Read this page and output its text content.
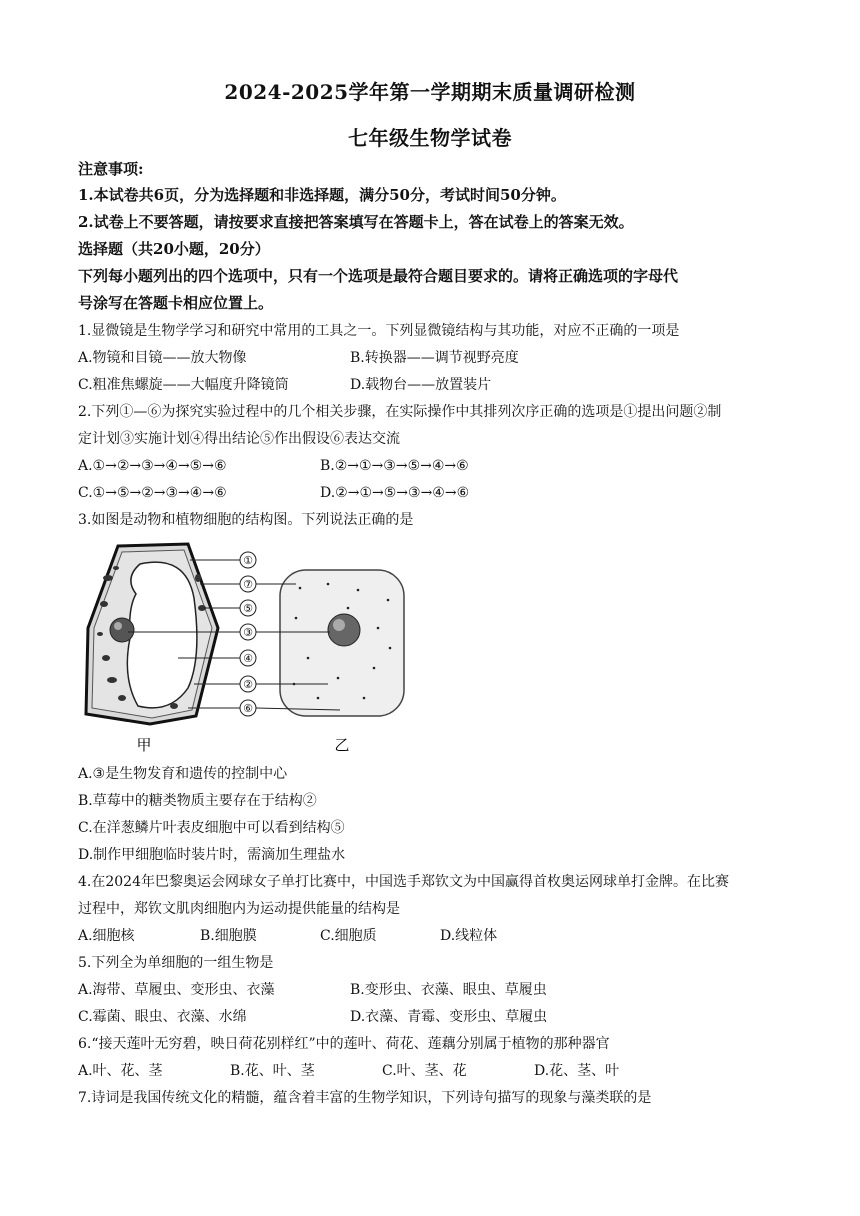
2024-2025学年第一学期期末质量调研检测
七年级生物学试卷
注意事项:
1.本试卷共6页，分为选择题和非选择题，满分50分，考试时间50分钟。
2.试卷上不要答题，请按要求直接把答案填写在答题卡上，答在试卷上的答案无效。
选择题（共20小题，20分）
下列每小题列出的四个选项中，只有一个选项是最符合题目要求的。请将正确选项的字母代
号涂写在答题卡相应位置上。
1.显微镜是生物学学习和研究中常用的工具之一。下列显微镜结构与其功能，对应不正确的一项是
A.物镜和目镜——放大物像	B.转换器——调节视野亮度
C.粗准焦螺旋——大幅度升降镜筒	D.载物台——放置装片
2.下列①—⑥为探究实验过程中的几个相关步骤，在实际操作中其排列次序正确的选项是①提出问题②制
定计划③实施计划④得出结论⑤作出假设⑥表达交流
A.①→②→③→④→⑤→⑥	B.②→①→③→⑤→④→⑥
C.①→⑤→②→③→④→⑥	D.②→①→⑤→③→④→⑥
3.如图是动物和植物细胞的结构图。下列说法正确的是
①
⑦
⑤
③
④
②
⑥
甲	乙
A.③是生物发育和遗传的控制中心
B.草莓中的糖类物质主要存在于结构②
C.在洋葱鳞片叶表皮细胞中可以看到结构⑤
D.制作甲细胞临时装片时，需滴加生理盐水
4.在2024年巴黎奥运会网球女子单打比赛中，中国选手郑钦文为中国赢得首枚奥运网球单打金牌。在比赛
过程中，郑钦文肌肉细胞内为运动提供能量的结构是
A.细胞核	B.细胞膜	C.细胞质	D.线粒体
5.下列全为单细胞的一组生物是
A.海带、草履虫、变形虫、衣藻	B.变形虫、衣藻、眼虫、草履虫
C.霉菌、眼虫、衣藻、水绵	D.衣藻、青霉、变形虫、草履虫
6.“接天莲叶无穷碧，映日荷花别样红”中的莲叶、荷花、莲藕分别属于植物的那种器官
A.叶、花、茎	B.花、叶、茎	C.叶、茎、花	D.花、茎、叶
7.诗词是我国传统文化的精髓，蕴含着丰富的生物学知识，下列诗句描写的现象与藻类联的是
